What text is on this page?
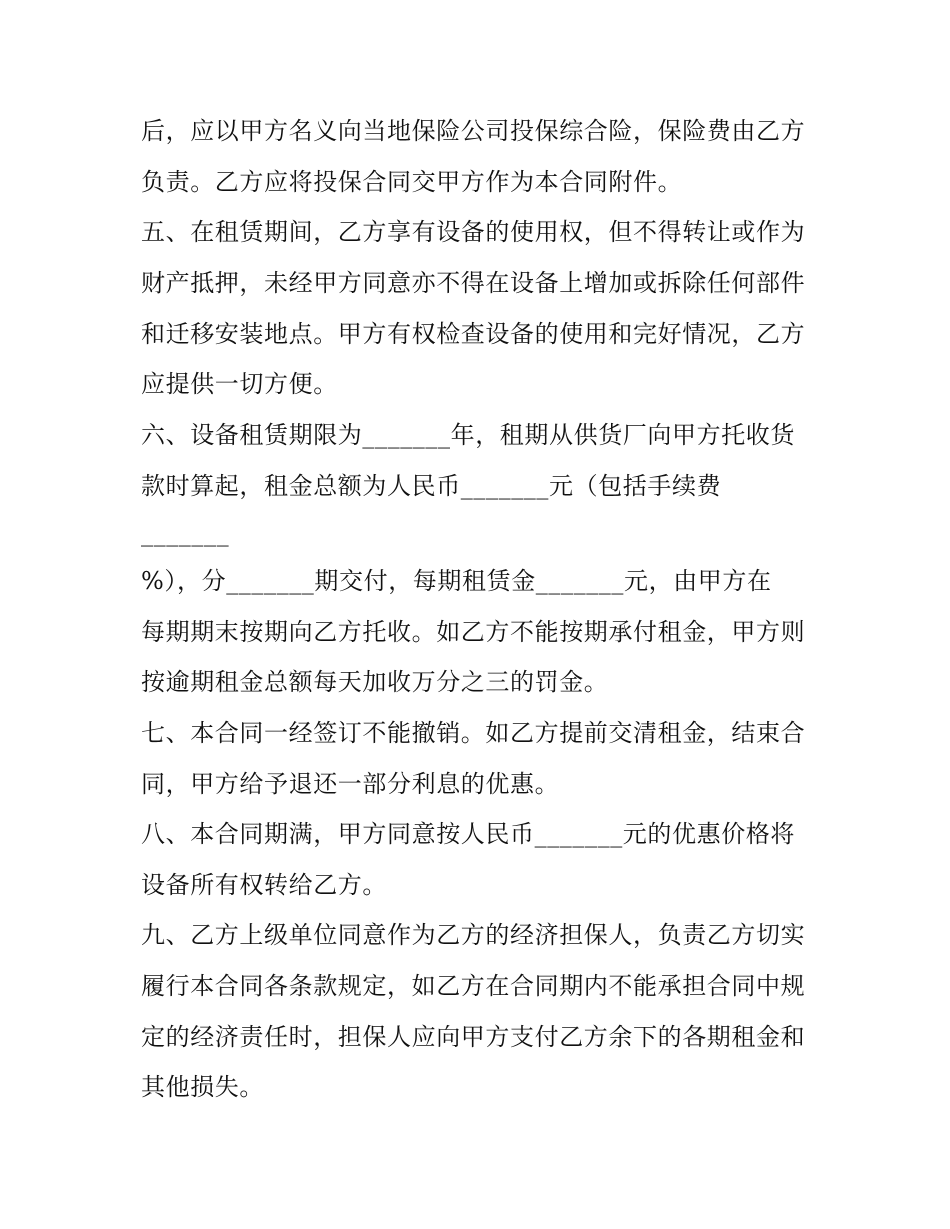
后，应以甲方名义向当地保险公司投保综合险，保险费由乙方

负责。乙方应将投保合同交甲方作为本合同附件。

五、在租赁期间，乙方享有设备的使用权，但不得转让或作为

财产抵押，未经甲方同意亦不得在设备上增加或拆除任何部件

和迁移安装地点。甲方有权检查设备的使用和完好情况，乙方

应提供一切方便。

六、设备租赁期限为_______年，租期从供货厂向甲方托收货

款时算起，租金总额为人民币_______元（包括手续费

_______

%），分_______期交付，每期租赁金_______元，由甲方在

每期期末按期向乙方托收。如乙方不能按期承付租金，甲方则

按逾期租金总额每天加收万分之三的罚金。

七、本合同一经签订不能撤销。如乙方提前交清租金，结束合

同，甲方给予退还一部分利息的优惠。

八、本合同期满，甲方同意按人民币_______元的优惠价格将

设备所有权转给乙方。

九、乙方上级单位同意作为乙方的经济担保人，负责乙方切实

履行本合同各条款规定，如乙方在合同期内不能承担合同中规

定的经济责任时，担保人应向甲方支付乙方余下的各期租金和

其他损失。
